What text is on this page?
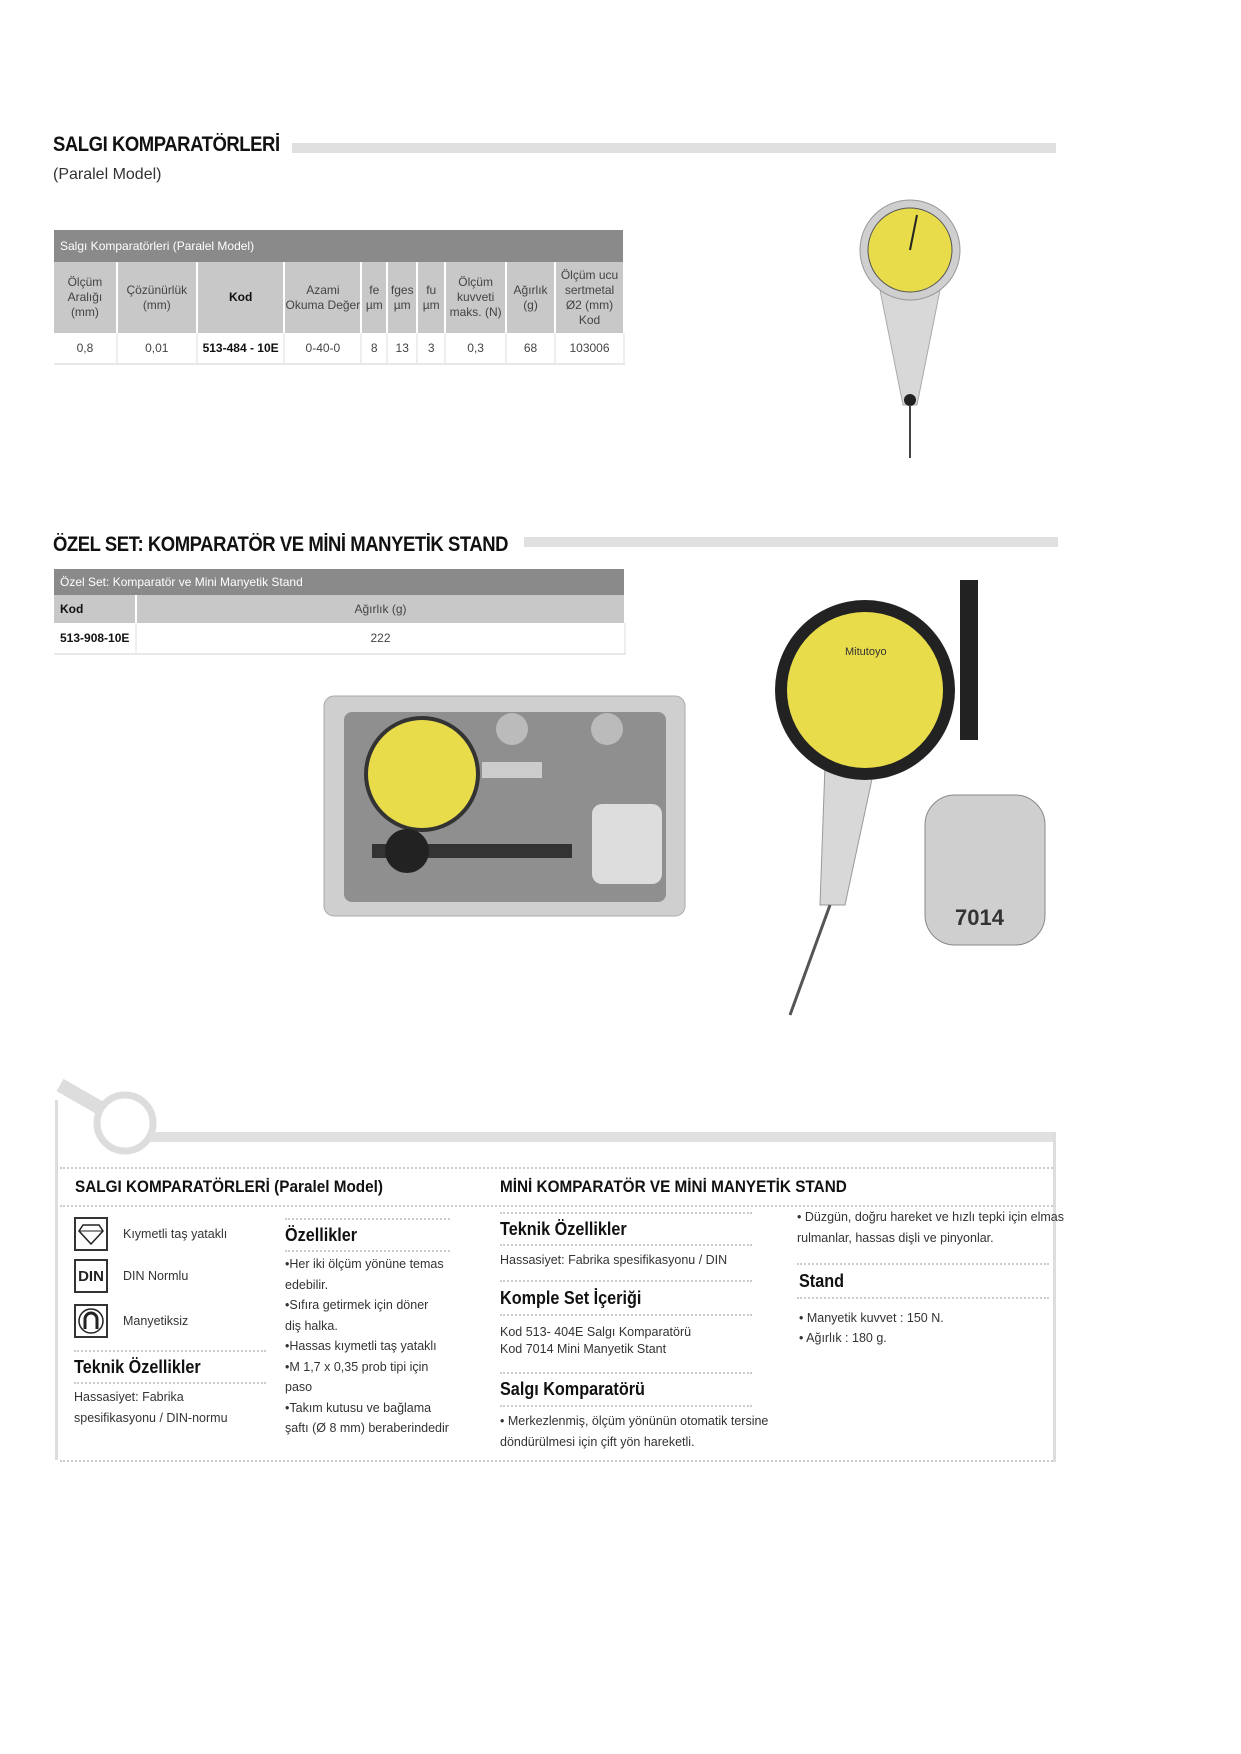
SALGI KOMPARATÖRLERİ
(Paralel Model)
Salgı Komparatörleri (Paralel Model)									
Ölçüm Aralığı (mm)	Çözünürlük (mm)	Kod	Azami Okuma Değer	fe µm	fges µm	fu µm	Ölçüm kuvveti maks. (N)	Ağırlık (g)	Ölçüm ucu sertmetal Ø2 (mm) Kod
0,8	0,01	513-484 - 10E	0-40-0	8	13	3	0,3	68	103006
ÖZEL SET: KOMPARATÖR VE MİNİ MANYETİK STAND
Özel Set: Komparatör ve Mini Manyetik Stand	
Kod	Ağırlık (g)
513-908-10E	222
7014
Mitutoyo
SALGI KOMPARATÖRLERİ (Paralel Model)	MİNİ KOMPARATÖR VE MİNİ MANYETİK STAND
Kıymetli taş yataklı
DIN	DIN Normlu
Manyetiksiz
Teknik Özellikler
Hassasiyet: Fabrika
spesifikasyonu / DIN-normu
Özellikler
•Her iki ölçüm yönüne temas
edebilir.
•Sıfıra getirmek için döner
diş halka.
•Hassas kıymetli taş yataklı
•M 1,7 x 0,35 prob tipi için
paso
•Takım kutusu ve bağlama
şaftı (Ø 8 mm) beraberindedir
Teknik Özellikler
Hassasiyet: Fabrika spesifikasyonu / DIN
Komple Set İçeriği
Kod 513- 404E Salgı Komparatörü
Kod 7014 Mini Manyetik Stant
Salgı Komparatörü
• Merkezlenmiş, ölçüm yönünün otomatik tersine
döndürülmesi için çift yön hareketli.
• Düzgün, doğru hareket ve hızlı tepki için elmas
rulmanlar, hassas dişli ve pinyonlar.
Stand
• Manyetik kuvvet : 150 N.
• Ağırlık : 180 g.
